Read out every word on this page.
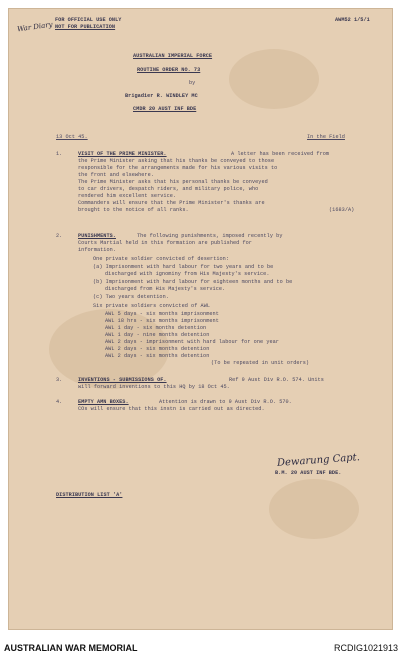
War Diary
FOR OFFICIAL USE ONLY
NOT FOR PUBLICATION
AWM52 1/5/1
AUSTRALIAN IMPERIAL FORCE
ROUTINE ORDER NO. 73
by
Brigadier R. WINDLEY MC
CMDR 20 AUST INF BDE
13 Oct 45.	In the Field
1.	VISIT OF THE PRIME MINISTER.	A letter has been received from
the Prime Minister asking that his thanks be conveyed to those
responsible for the arrangements made for his various visits to
the front and elsewhere.
The Prime Minister asks that his personal thanks be conveyed
to car drivers, despatch riders, and military police, who
rendered him excellent service.
Commanders will ensure that the Prime Minister's thanks are
brought to the notice of all ranks.	(1683/A)
2.	PUNISHMENTS.	The following punishments, imposed recently by
Courts Martial held in this formation are published for
information.
One private soldier convicted of desertion:
(a) Imprisonment with hard labour for two years and to be
discharged with ignominy from His Majesty's service.
(b) Imprisonment with hard labour for eighteen months and to be
discharged from His Majesty's service.
(c) Two years detention.
Six private soldiers convicted of AWL
AWL 5 days - six months imprisonment
AWL 18 hrs - six months imprisonment
AWL 1 day - six months detention
AWL 1 day - nine months detention
AWL 2 days - imprisonment with hard labour for one year
AWL 2 days - six months detention
AWL 2 days - six months detention
(To be repeated in unit orders)
3.	INVENTIONS - SUBMISSIONS OF.	Ref 9 Aust Div R.O. 574. Units
will forward inventions to this HQ by 18 Oct 45.
4.	EMPTY AMN BOXES.	Attention is drawn to 9 Aust Div R.O. 570.
COs will ensure that this instn is carried out as directed.
Dewarung Capt.
B.M. 20 AUST INF BDE.
DISTRIBUTION LIST 'A'
AUSTRALIAN WAR MEMORIAL	RCDIG1021913
